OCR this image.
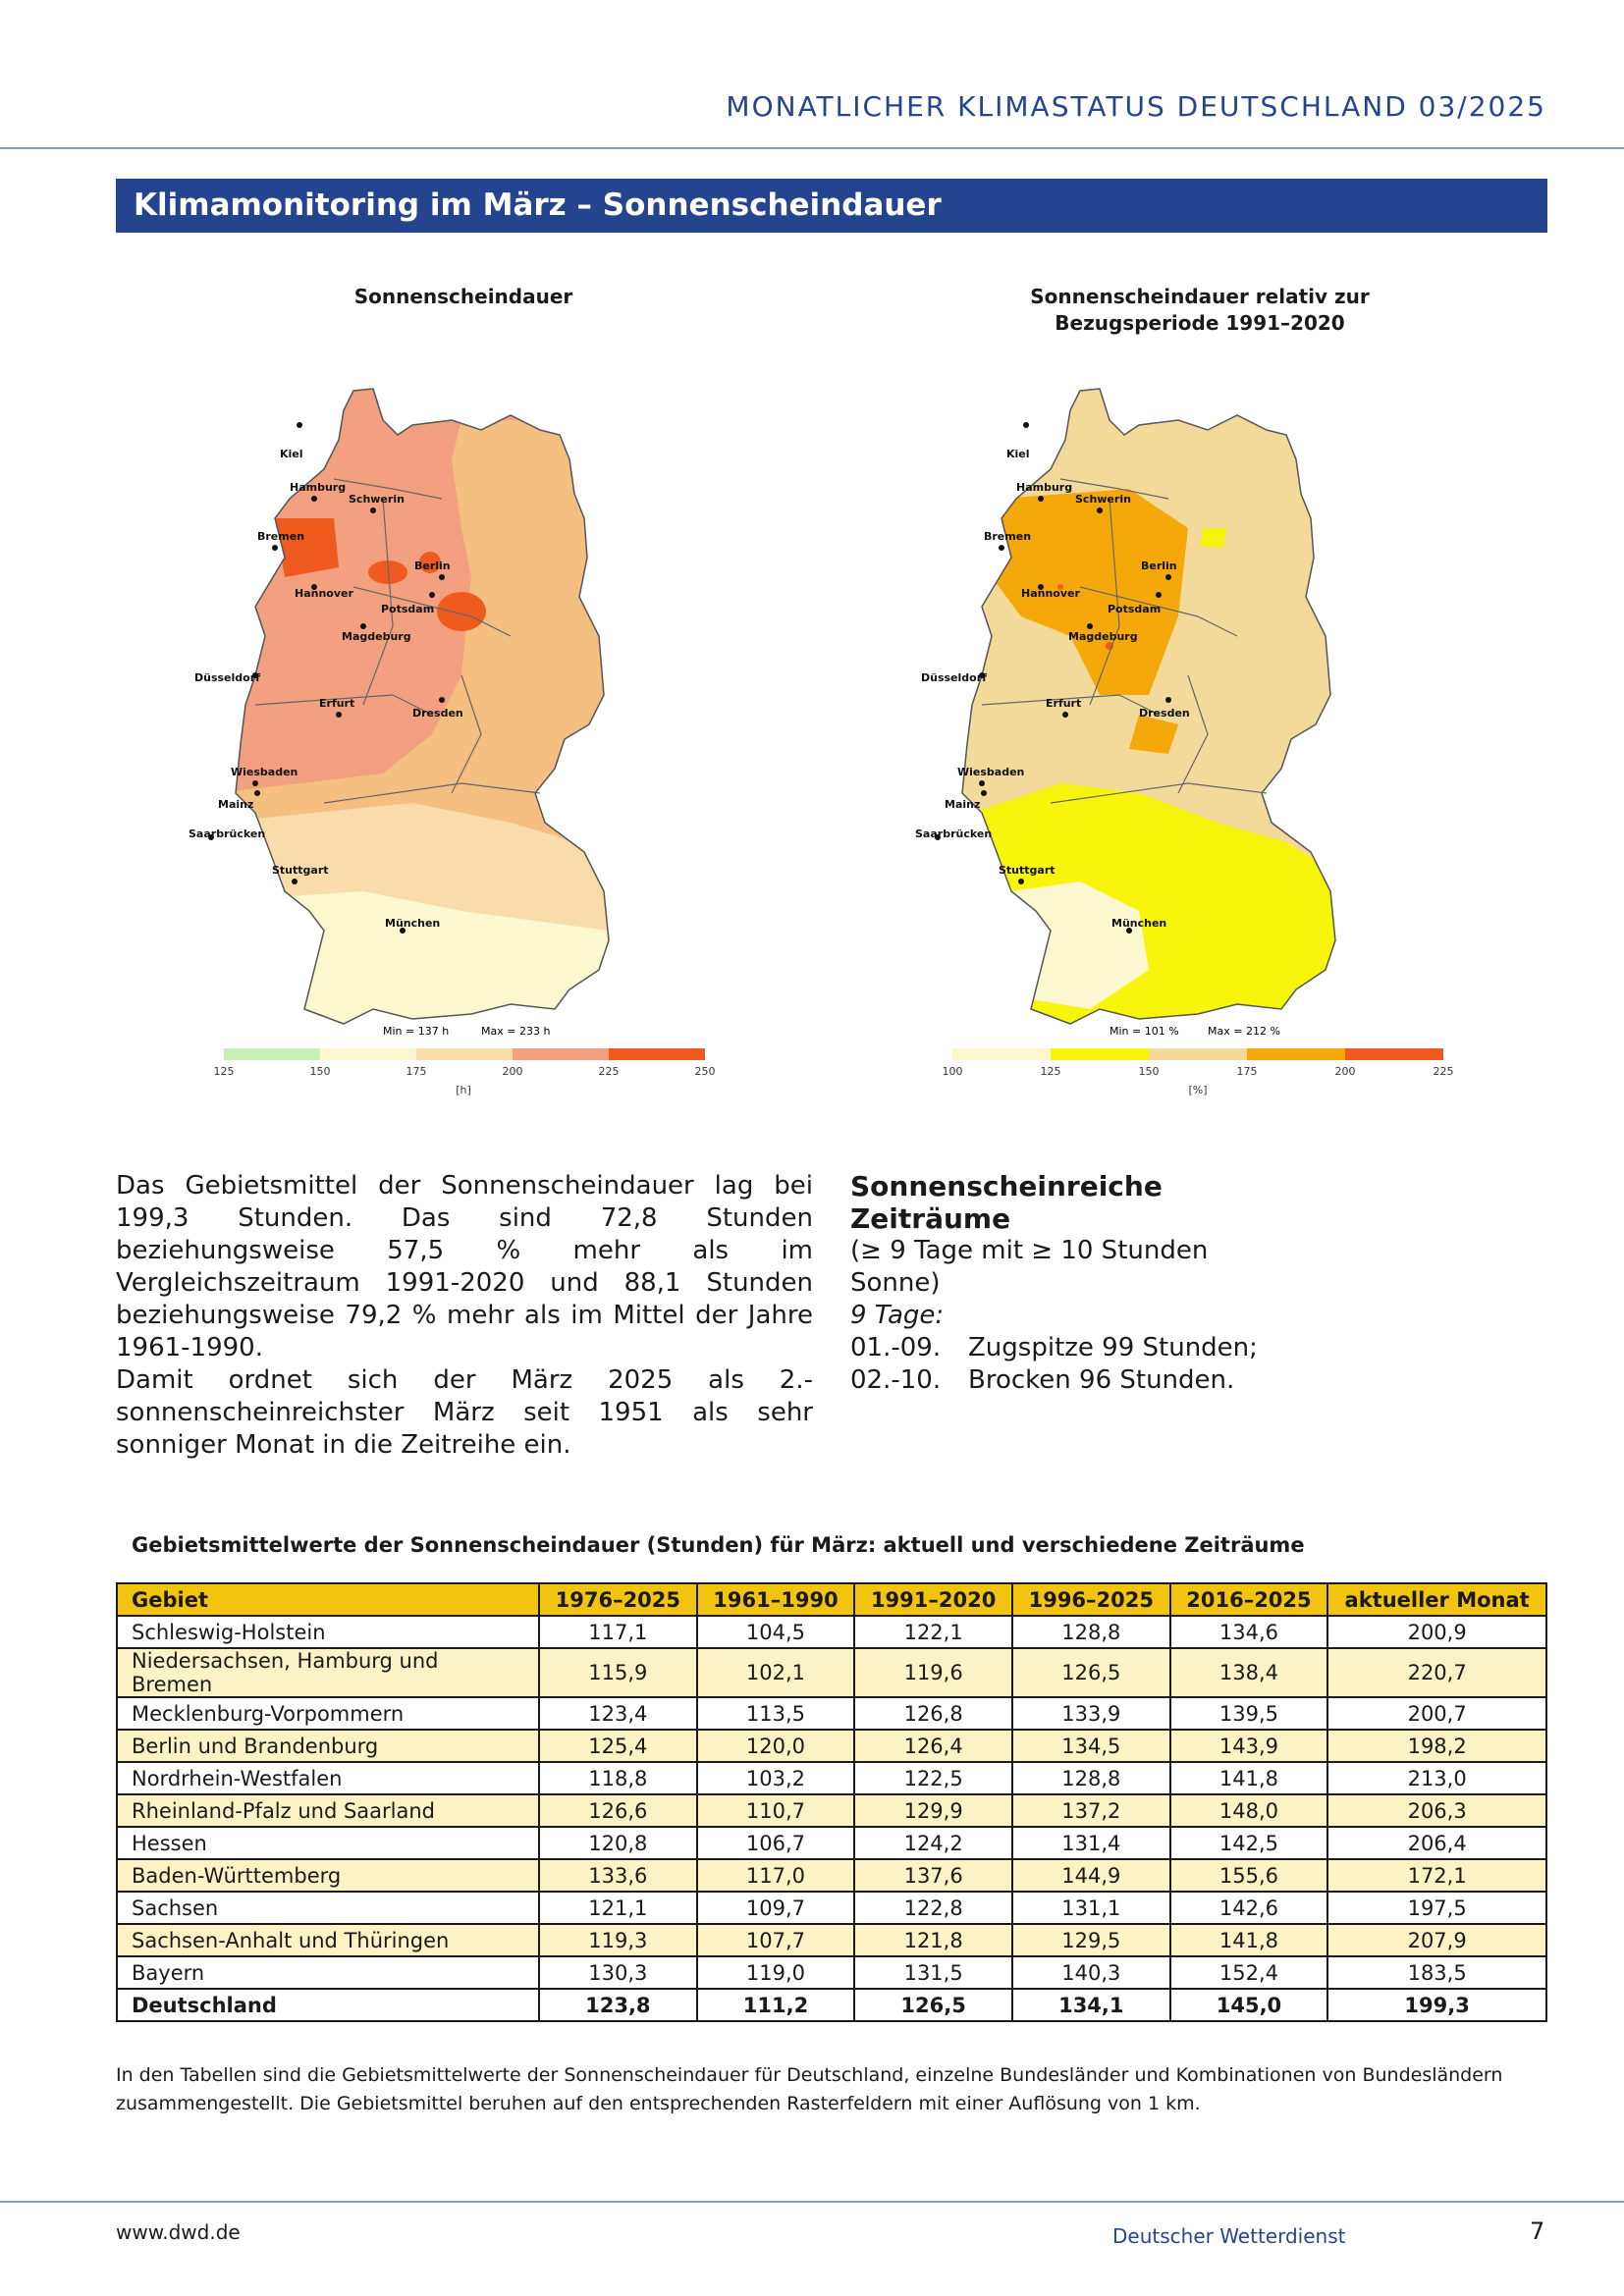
MONATLICHER KLIMASTATUS DEUTSCHLAND 03/2025
Klimamonitoring im März – Sonnenscheindauer
Sonnenscheindauer
Kiel
Hamburg
Schwerin
Bremen
Hannover
Berlin
Potsdam
Magdeburg
Düsseldorf
Erfurt
Dresden
Wiesbaden
Mainz
Saarbrücken
Stuttgart
München
Min = 137 h	Max = 233 h
125	150	175	200	225	250
[h]
Sonnenscheindauer relativ zur
Bezugsperiode 1991–2020
Kiel
Hamburg
Schwerin
Bremen
Hannover
Berlin
Potsdam
Magdeburg
Düsseldorf
Erfurt
Dresden
Wiesbaden
Mainz
Saarbrücken
Stuttgart
München
Min = 101 %	Max = 212 %
100	125	150	175	200	225
[%]

Das Gebietsmittel der Sonnenscheindauer lag bei 199,3 Stunden. Das sind 72,8 Stunden beziehungsweise 57,5 % mehr als im Vergleichszeitraum 1991-2020 und 88,1 Stunden beziehungsweise 79,2 % mehr als im Mittel der Jahre 1961-1990.

Damit ordnet sich der März 2025 als 2.-sonnenscheinreichster März seit 1951 als sehr sonniger Monat in die Zeitreihe ein.

Sonnenscheinreiche Zeiträume
(≥ 9 Tage mit ≥ 10 Stunden Sonne)
9 Tage:
01.-09.	Zugspitze 99 Stunden;
02.-10.	Brocken 96 Stunden.
Gebietsmittelwerte der Sonnenscheindauer (Stunden) für März: aktuell und verschiedene Zeiträume
Gebiet	1976–2025	1961–1990	1991–2020	1996–2025	2016–2025	aktueller Monat
Schleswig-Holstein	117,1	104,5	122,1	128,8	134,6	200,9
Niedersachsen, Hamburg und Bremen	115,9	102,1	119,6	126,5	138,4	220,7
Mecklenburg-Vorpommern	123,4	113,5	126,8	133,9	139,5	200,7
Berlin und Brandenburg	125,4	120,0	126,4	134,5	143,9	198,2
Nordrhein-Westfalen	118,8	103,2	122,5	128,8	141,8	213,0
Rheinland-Pfalz und Saarland	126,6	110,7	129,9	137,2	148,0	206,3
Hessen	120,8	106,7	124,2	131,4	142,5	206,4
Baden-Württemberg	133,6	117,0	137,6	144,9	155,6	172,1
Sachsen	121,1	109,7	122,8	131,1	142,6	197,5
Sachsen-Anhalt und Thüringen	119,3	107,7	121,8	129,5	141,8	207,9
Bayern	130,3	119,0	131,5	140,3	152,4	183,5
Deutschland	123,8	111,2	126,5	134,1	145,0	199,3
In den Tabellen sind die Gebietsmittelwerte der Sonnenscheindauer für Deutschland, einzelne Bundesländer und Kombinationen von Bundesländern zusammengestellt. Die Gebietsmittel beruhen auf den entsprechenden Rasterfeldern mit einer Auflösung von 1 km.
www.dwd.de	Deutscher Wetterdienst	7
